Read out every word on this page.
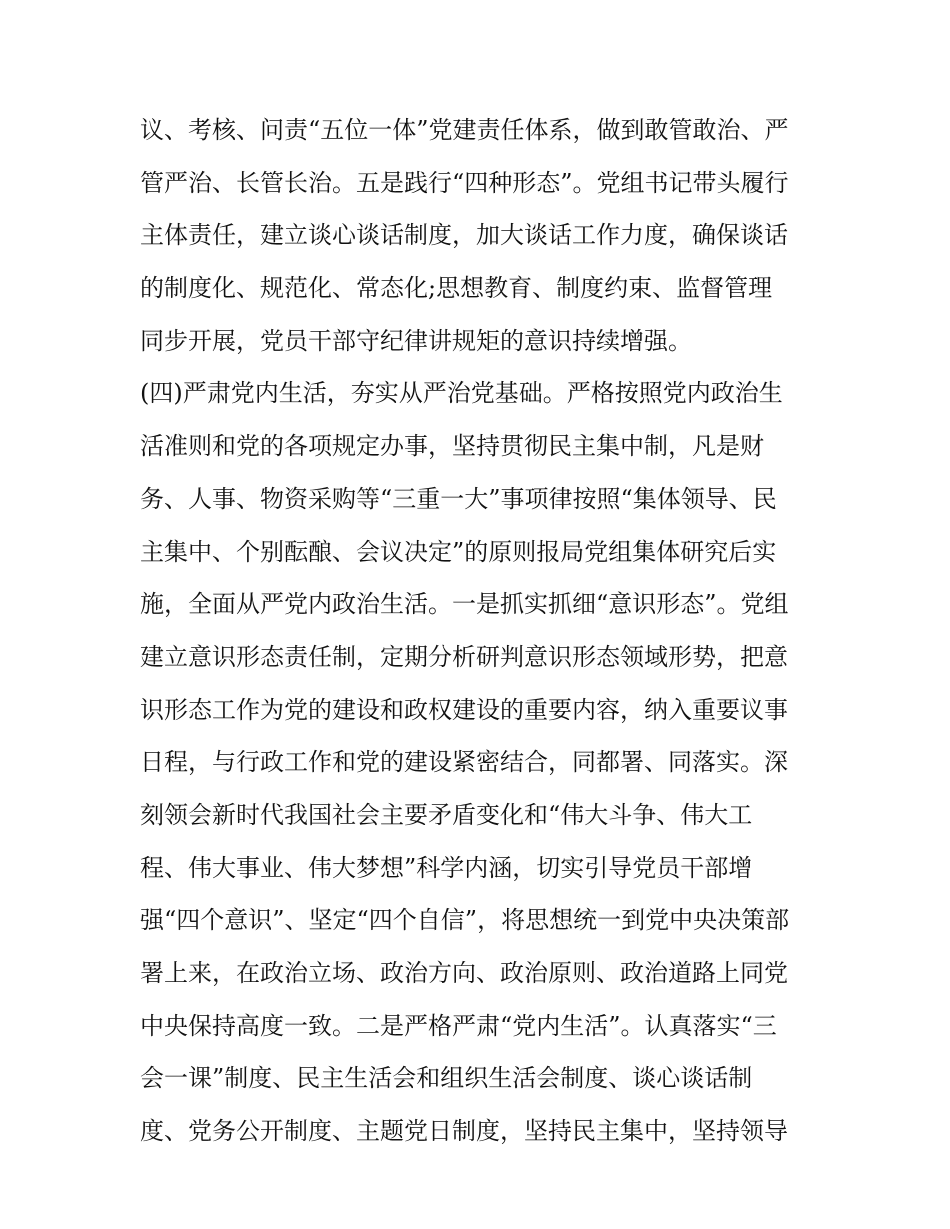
议、考核、问责“五位一体”党建责任体系，做到敢管敢治、严
管严治、长管长治。五是践行“四种形态”。党组书记带头履行
主体责任，建立谈心谈话制度，加大谈话工作力度，确保谈话
的制度化、规范化、常态化;思想教育、制度约束、监督管理
同步开展，党员干部守纪律讲规矩的意识持续增强。
(四)严肃党内生活，夯实从严治党基础。严格按照党内政治生
活准则和党的各项规定办事，坚持贯彻民主集中制，凡是财
务、人事、物资采购等“三重一大”事项律按照“集体领导、民
主集中、个别酝酿、会议决定”的原则报局党组集体研究后实
施，全面从严党内政治生活。一是抓实抓细“意识形态”。党组
建立意识形态责任制，定期分析研判意识形态领域形势，把意
识形态工作为党的建设和政权建设的重要内容，纳入重要议事
日程，与行政工作和党的建设紧密结合，同都署、同落实。深
刻领会新时代我国社会主要矛盾变化和“伟大斗争、伟大工
程、伟大事业、伟大梦想”科学内涵，切实引导党员干部增
强“四个意识”、坚定“四个自信”，将思想统一到党中央决策部
署上来，在政治立场、政治方向、政治原则、政治道路上同党
中央保持高度一致。二是严格严肃“党内生活”。认真落实“三
会一课”制度、民主生活会和组织生活会制度、谈心谈话制
度、党务公开制度、主题党日制度，坚持民主集中，坚持领导
